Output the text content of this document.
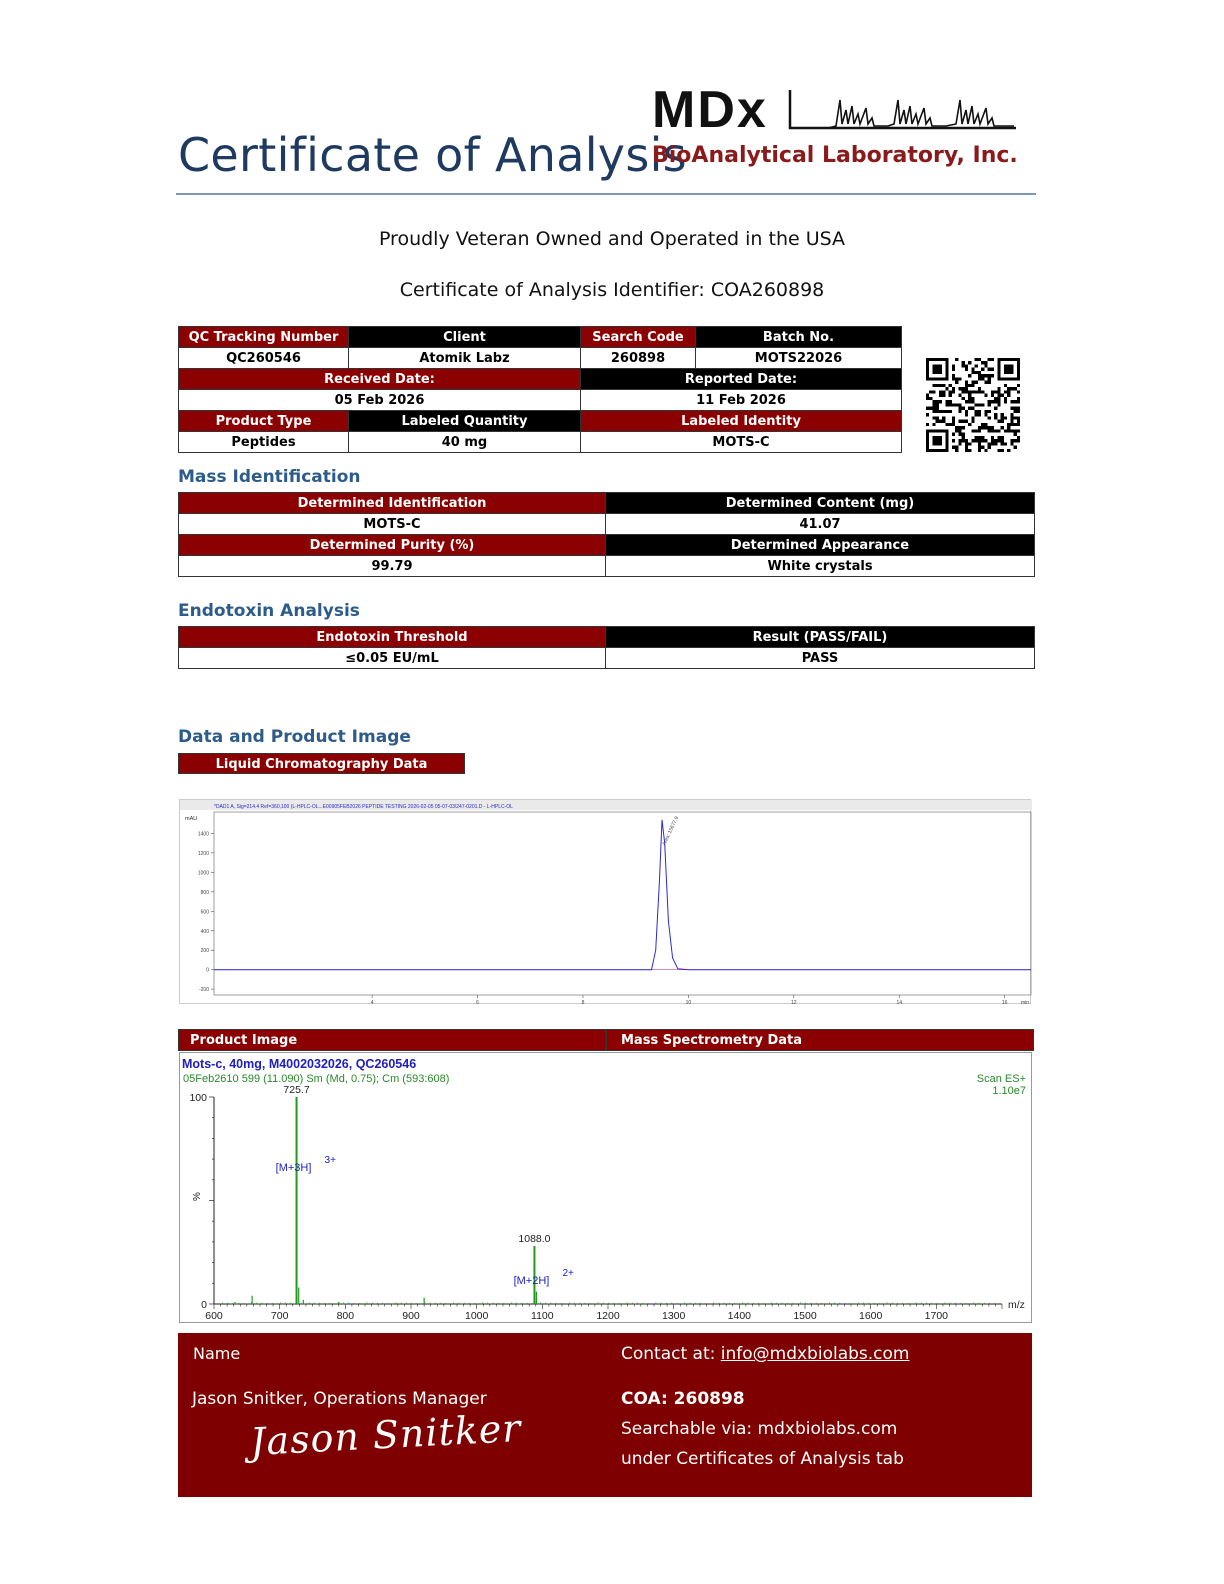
Certificate of Analysis
MDx
BioAnalytical Laboratory, Inc.
Proudly Veteran Owned and Operated in the USA
Certificate of Analysis Identifier: COA260898
QC Tracking Number	Client	Search Code	Batch No.
QC260546	Atomik Labz	260898	MOTS22026
Received Date:		Reported Date:	
05 Feb 2026		11 Feb 2026	
Product Type	Labeled Quantity	Labeled Identity	
Peptides	40 mg	MOTS-C	
Mass Identification
Determined Identification	Determined Content (mg)
MOTS-C	41.07
Determined Purity (%)	Determined Appearance
99.79	White crystals
Endotoxin Analysis
Endotoxin Threshold	Result (PASS/FAIL)
≤0.05 EU/mL	PASS
Data and Product Image
Liquid Chromatography Data
*DAD1 A, Sig=214.4 Ref=360,100 (L-HPLC-OL...E00905FEB2026 PEPTIDE TESTING 2026-02-05 05-07-03\247-0201.D - L-HPLC-OL
mAU
-200
0
200
400
600
800
1000
1200
1400
4	6	8	10	12	14	16	min
Area: 15677.9
Product Image	Mass Spectrometry Data
Mots-c, 40mg, M4002032026, QC260546
05Feb2610 599 (11.090) Sm (Md, 0.75); Cm (593:608)	Scan ES+
1.10e7
0
100
%
600	700	800	900	1000	1100	1200	1300	1400	1500	1600	1700
m/z
725.7
[M+3H]
3+
1088.0
[M+2H]
2+
Name
Jason Snitker, Operations Manager
Jason Snitker
Contact at: info@mdxbiolabs.com
COA: 260898
Searchable via: mdxbiolabs.com
under Certificates of Analysis tab
